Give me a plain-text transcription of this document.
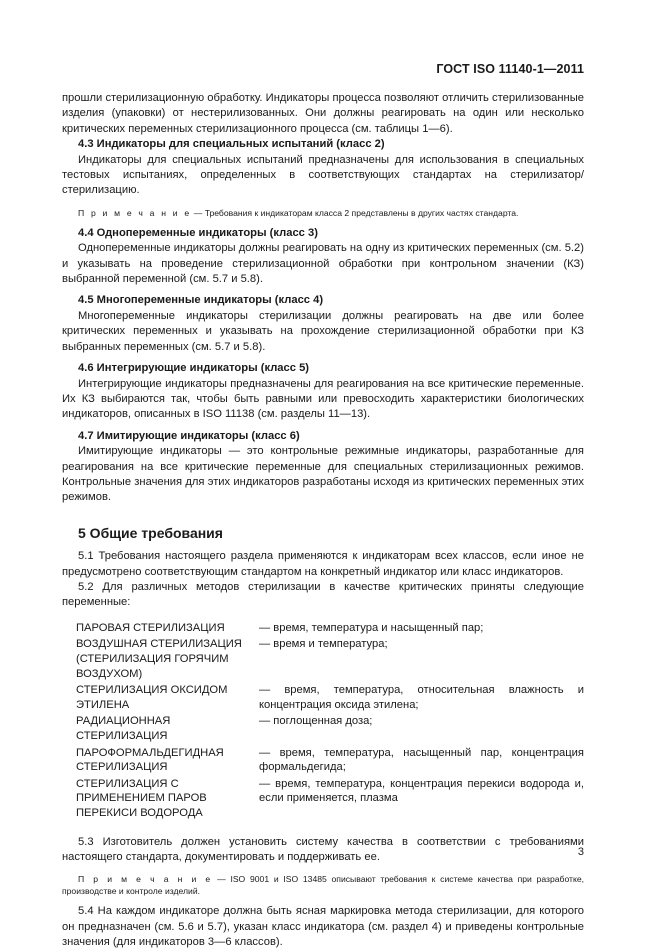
ГОСТ ISO 11140-1—2011

прошли стерилизационную обработку. Индикаторы процесса позволяют отличить стерилизованные изделия (упаковки) от нестерилизованных. Они должны реагировать на один или несколько критических переменных стерилизационного процесса (см. таблицы 1—6).

4.3 Индикаторы для специальных испытаний (класс 2)

Индикаторы для специальных испытаний предназначены для использования в специальных тестовых испытаниях, определенных в соответствующих стандартах на стерилизатор/стерилизацию.

П р и м е ч а н и е — Требования к индикаторам класса 2 представлены в других частях стандарта.

4.4 Однопеременные индикаторы (класс 3)

Однопеременные индикаторы должны реагировать на одну из критических переменных (см. 5.2) и указывать на проведение стерилизационной обработки при контрольном значении (КЗ) выбранной переменной (см. 5.7 и 5.8).

4.5 Многопеременные индикаторы (класс 4)

Многопеременные индикаторы стерилизации должны реагировать на две или более критических переменных и указывать на прохождение стерилизационной обработки при КЗ выбранных переменных (см. 5.7 и 5.8).

4.6 Интегрирующие индикаторы (класс 5)

Интегрирующие индикаторы предназначены для реагирования на все критические переменные. Их КЗ выбираются так, чтобы быть равными или превосходить характеристики биологических индикаторов, описанных в ISO 11138 (см. разделы 11—13).

4.7 Имитирующие индикаторы (класс 6)

Имитирующие индикаторы — это контрольные режимные индикаторы, разработанные для реагирования на все критические переменные для специальных стерилизационных режимов. Контрольные значения для этих индикаторов разработаны исходя из критических переменных этих режимов.

5 Общие требования

5.1 Требования настоящего раздела применяются к индикаторам всех классов, если иное не предусмотрено соответствующим стандартом на конкретный индикатор или класс индикаторов.

5.2 Для различных методов стерилизации в качестве критических приняты следующие переменные:

ПАРОВАЯ СТЕРИЛИЗАЦИЯ	— время, температура и насыщенный пар;
ВОЗДУШНАЯ СТЕРИЛИЗАЦИЯ (СТЕРИЛИЗАЦИЯ ГОРЯЧИМ ВОЗДУХОМ)	— время и температура;
СТЕРИЛИЗАЦИЯ ОКСИДОМ ЭТИЛЕНА	— время, температура, относительная влажность и концентрация оксида этилена;
РАДИАЦИОННАЯ СТЕРИЛИЗАЦИЯ	— поглощенная доза;
ПАРОФОРМАЛЬДЕГИДНАЯ СТЕРИЛИЗАЦИЯ	— время, температура, насыщенный пар, концентрация формальдегида;
СТЕРИЛИЗАЦИЯ С ПРИМЕНЕНИЕМ ПАРОВ ПЕРЕКИСИ ВОДОРОДА	— время, температура, концентрация перекиси водорода и, если применяется, плазма

5.3 Изготовитель должен установить систему качества в соответствии с требованиями настоящего стандарта, документировать и поддерживать ее.

П р и м е ч а н и е — ISO 9001 и ISO 13485 описывают требования к системе качества при разработке, производстве и контроле изделий.

5.4 На каждом индикаторе должна быть ясная маркировка метода стерилизации, для которого он предназначен (см. 5.6 и 5.7), указан класс индикатора (см. раздел 4) и приведены контрольные значения (для индикаторов 3—6 классов).

3
